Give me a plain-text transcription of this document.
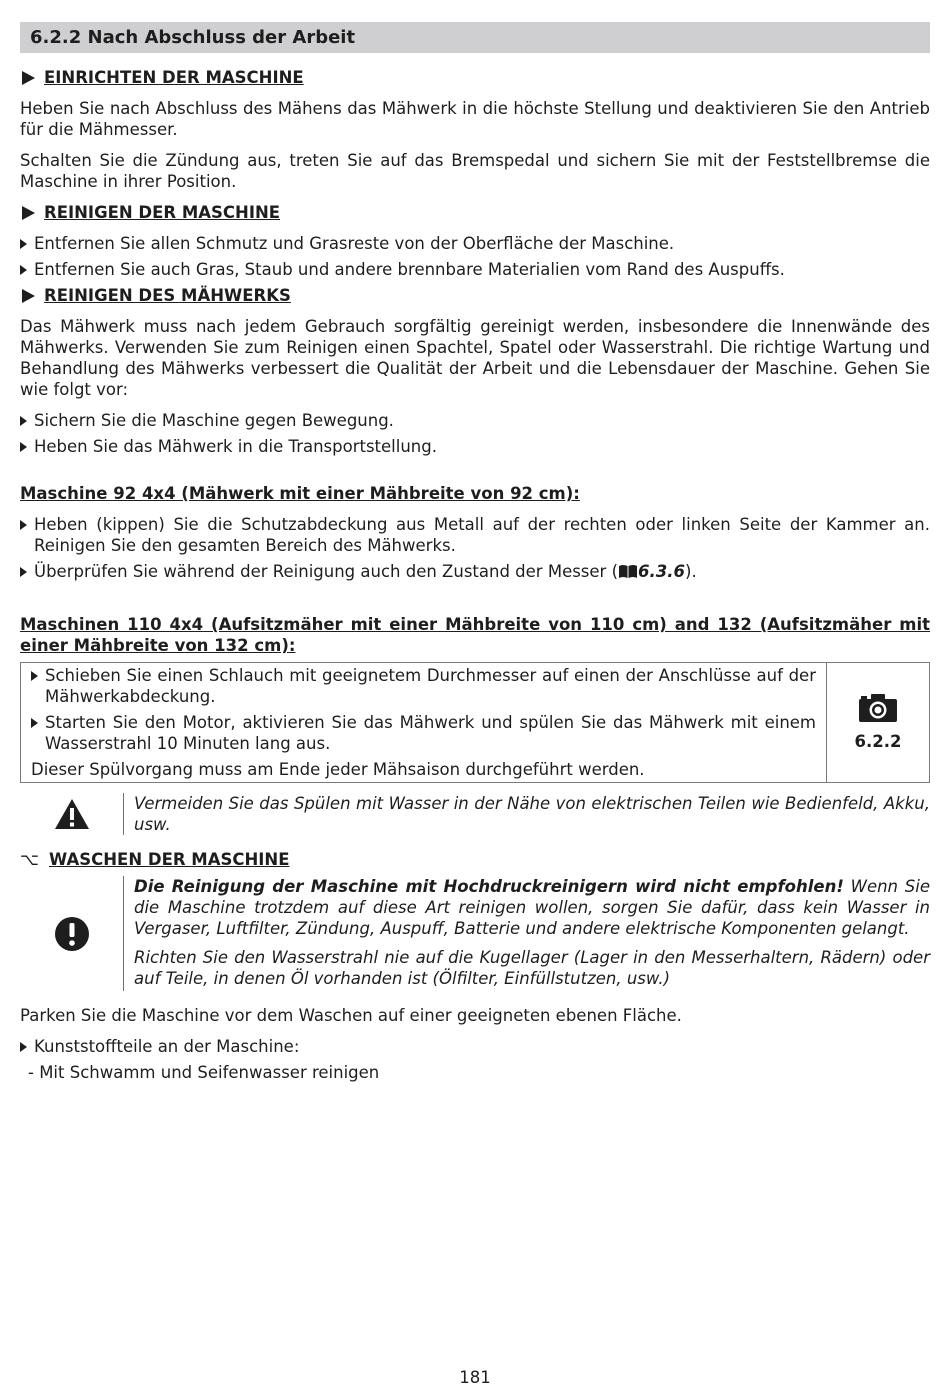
6.2.2 Nach Abschluss der Arbeit
EINRICHTEN DER MASCHINE

Heben Sie nach Abschluss des Mähens das Mähwerk in die höchste Stellung und deaktivieren Sie den Antrieb für die Mähmesser.

Schalten Sie die Zündung aus, treten Sie auf das Bremspedal und sichern Sie mit der Feststellbremse die Maschine in ihrer Position.

REINIGEN DER MASCHINE
Entfernen Sie allen Schmutz und Grasreste von der Oberfläche der Maschine.
Entfernen Sie auch Gras, Staub und andere brennbare Materialien vom Rand des Auspuffs.
REINIGEN DES MÄHWERKS

Das Mähwerk muss nach jedem Gebrauch sorgfältig gereinigt werden, insbesondere die Innenwände des Mähwerks. Verwenden Sie zum Reinigen einen Spachtel, Spatel oder Wasserstrahl. Die richtige Wartung und Behandlung des Mähwerks verbessert die Qualität der Arbeit und die Lebensdauer der Maschine. Gehen Sie wie folgt vor:

Sichern Sie die Maschine gegen Bewegung.
Heben Sie das Mähwerk in die Transportstellung.
Maschine 92 4x4 (Mähwerk mit einer Mähbreite von 92 cm):
Heben (kippen) Sie die Schutzabdeckung aus Metall auf der rechten oder linken Seite der Kammer an. Reinigen Sie den gesamten Bereich des Mähwerks.
Überprüfen Sie während der Reinigung auch den Zustand der Messer ( 6.3.6).
Maschinen 110 4x4 (Aufsitzmäher mit einer Mähbreite von 110 cm) and 132 (Aufsitzmäher mit einer Mähbreite von 132 cm):
Schieben Sie einen Schlauch mit geeignetem Durchmesser auf einen der Anschlüsse auf der Mähwerkabdeckung.
Starten Sie den Motor, aktivieren Sie das Mähwerk und spülen Sie das Mähwerk mit einem Wasserstrahl 10 Minuten lang aus.
Dieser Spülvorgang muss am Ende jeder Mähsaison durchgeführt werden.
6.2.2
Vermeiden Sie das Spülen mit Wasser in der Nähe von elektrischen Teilen wie Bedienfeld, Akku, usw.
⌥ WASCHEN DER MASCHINE

Die Reinigung der Maschine mit Hochdruckreinigern wird nicht empfohlen! Wenn Sie die Maschine trotzdem auf diese Art reinigen wollen, sorgen Sie dafür, dass kein Wasser in Vergaser, Luftfilter, Zündung, Auspuff, Batterie und andere elektrische Komponenten gelangt.

Richten Sie den Wasserstrahl nie auf die Kugellager (Lager in den Messerhaltern, Rädern) oder auf Teile, in denen Öl vorhanden ist (Ölfilter, Einfüllstutzen, usw.)

Parken Sie die Maschine vor dem Waschen auf einer geeigneten ebenen Fläche.

Kunststoffteile an der Maschine:
- Mit Schwamm und Seifenwasser reinigen
181
